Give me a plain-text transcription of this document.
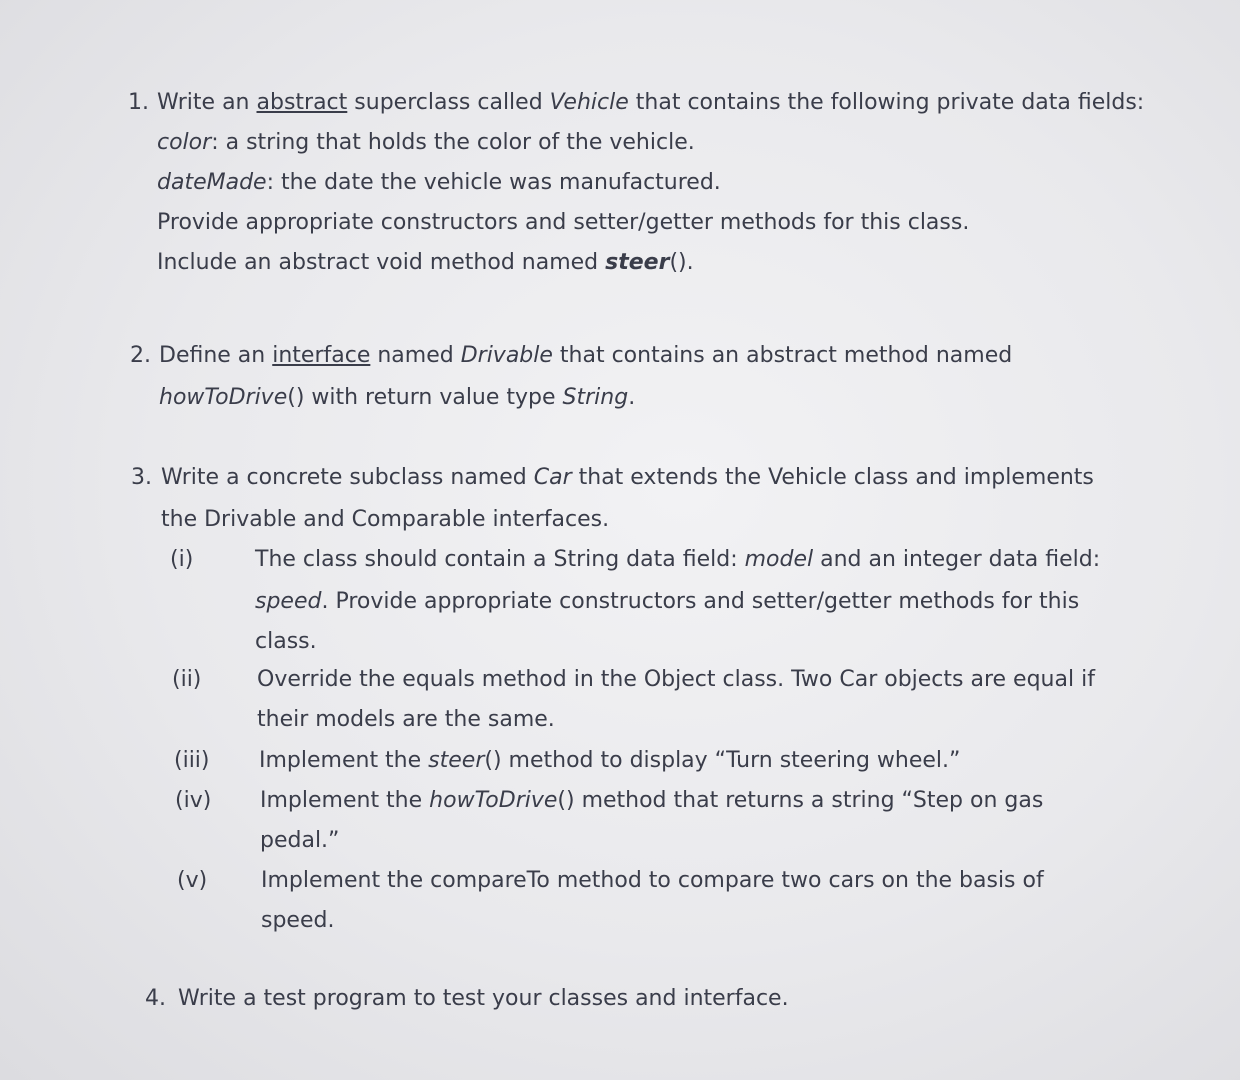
1. Write an abstract superclass called Vehicle that contains the following private data fields:
color: a string that holds the color of the vehicle.
dateMade: the date the vehicle was manufactured.
Provide appropriate constructors and setter/getter methods for this class.
Include an abstract void method named steer().
2. Define an interface named Drivable that contains an abstract method named
howToDrive() with return value type String.
3. Write a concrete subclass named Car that extends the Vehicle class and implements
the Drivable and Comparable interfaces.
(i)	The class should contain a String data field: model and an integer data field:
speed. Provide appropriate constructors and setter/getter methods for this
class.
(ii)	Override the equals method in the Object class. Two Car objects are equal if
their models are the same.
(iii) Implement the steer() method to display “Turn steering wheel.”
(iv) Implement the howToDrive() method that returns a string “Step on gas
pedal.”
(v) Implement the compareTo method to compare two cars on the basis of
speed.
4. Write a test program to test your classes and interface.
